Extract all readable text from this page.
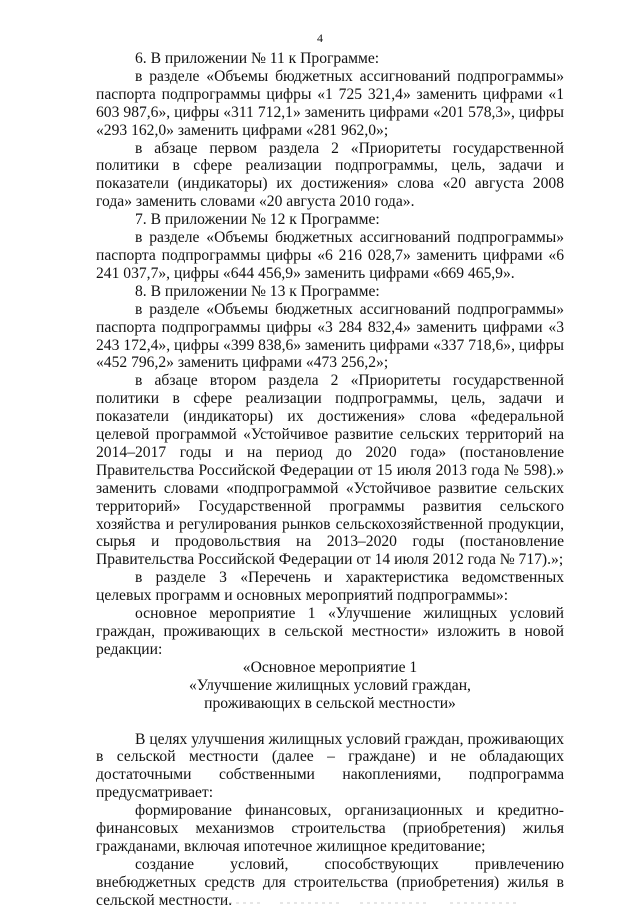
4

6. В приложении № 11 к Программе:

в разделе «Объемы бюджетных ассигнований подпрограммы» паспорта подпрограммы цифры «1 725 321,4» заменить цифрами «1 603 987,6», цифры «311 712,1» заменить цифрами «201 578,3», цифры «293 162,0» заменить цифрами «281 962,0»;

в абзаце первом раздела 2 «Приоритеты государственной политики в сфере реализации подпрограммы, цель, задачи и показатели (индикаторы) их достижения» слова «20 августа 2008 года» заменить словами «20 августа 2010 года».

7. В приложении № 12 к Программе:

в разделе «Объемы бюджетных ассигнований подпрограммы» паспорта подпрограммы цифры «6 216 028,7» заменить цифрами «6 241 037,7», цифры «644 456,9» заменить цифрами «669 465,9».

8. В приложении № 13 к Программе:

в разделе «Объемы бюджетных ассигнований подпрограммы» паспорта подпрограммы цифры «3 284 832,4» заменить цифрами «3 243 172,4», цифры «399 838,6» заменить цифрами «337 718,6», цифры «452 796,2» заменить цифрами «473 256,2»;

в абзаце втором раздела 2 «Приоритеты государственной политики в сфере реализации подпрограммы, цель, задачи и показатели (индикаторы) их достижения» слова «федеральной целевой программой «Устойчивое развитие сельских территорий на 2014–2017 годы и на период до 2020 года» (постановление Правительства Российской Федерации от 15 июля 2013 года № 598).» заменить словами «подпрограммой «Устойчивое развитие сельских территорий» Государственной программы развития сельского хозяйства и регулирования рынков сельскохозяйственной продукции, сырья и продовольствия на 2013–2020 годы (постановление Правительства Российской Федерации от 14 июля 2012 года № 717).»;

в разделе 3 «Перечень и характеристика ведомственных целевых программ и основных мероприятий подпрограммы»:

основное мероприятие 1 «Улучшение жилищных условий граждан, проживающих в сельской местности» изложить в новой редакции:

«Основное мероприятие 1

«Улучшение жилищных условий граждан,

проживающих в сельской местности»

В целях улучшения жилищных условий граждан, проживающих в сельской местности (далее – граждане) и не обладающих достаточными собственными накоплениями, подпрограмма предусматривает:

формирование финансовых, организационных и кредитно-финансовых механизмов строительства (приобретения) жилья гражданами, включая ипотечное жилищное кредитование;

создание условий, способствующих привлечению внебюджетных средств для строительства (приобретения) жилья в сельской местности.
